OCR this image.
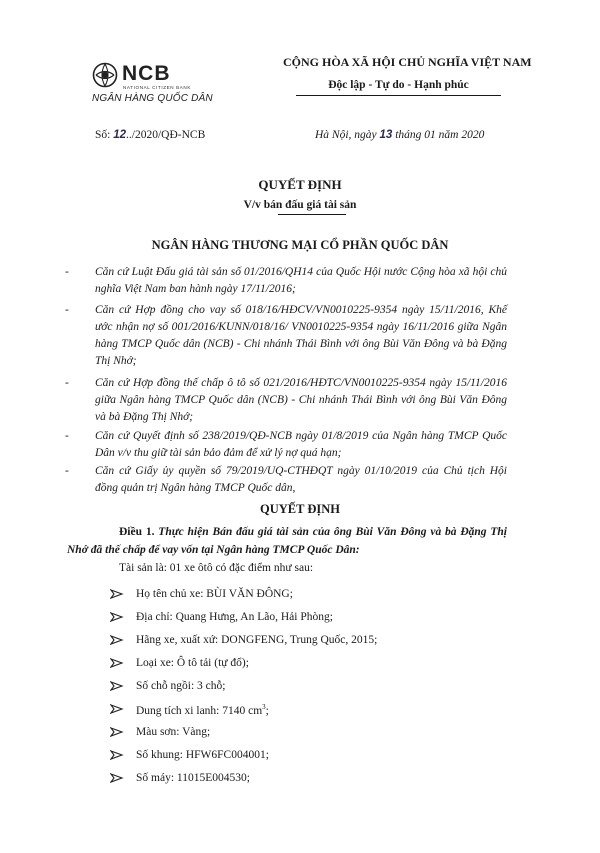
NCB
NATIONAL CITIZEN BANK
NGÂN HÀNG QUỐC DÂN
CỘNG HÒA XÃ HỘI CHỦ NGHĨA VIỆT NAM
Độc lập - Tự do - Hạnh phúc
Số: 12../2020/QĐ-NCB	Hà Nội, ngày 13 tháng 01 năm 2020
QUYẾT ĐỊNH
V/v bán đấu giá tài sản
NGÂN HÀNG THƯƠNG MẠI CỔ PHẦN QUỐC DÂN
- Căn cứ Luật Đấu giá tài sản số 01/2016/QH14 của Quốc Hội nước Cộng hòa xã hội chủ nghĩa Việt Nam ban hành ngày 17/11/2016;
- Căn cứ Hợp đồng cho vay số 018/16/HĐCV/VN0010225-9354 ngày 15/11/2016, Khế ước nhận nợ số 001/2016/KUNN/018/16/ VN0010225-9354 ngày 16/11/2016 giữa Ngân hàng TMCP Quốc dân (NCB) - Chi nhánh Thái Bình với ông Bùi Văn Đông và bà Đặng Thị Nhớ;
- Căn cứ Hợp đồng thế chấp ô tô số 021/2016/HĐTC/VN0010225-9354 ngày 15/11/2016 giữa Ngân hàng TMCP Quốc dân (NCB) - Chi nhánh Thái Bình với ông Bùi Văn Đông và bà Đặng Thị Nhớ;
- Căn cứ Quyết định số 238/2019/QĐ-NCB ngày 01/8/2019 của Ngân hàng TMCP Quốc Dân v/v thu giữ tài sản bảo đảm để xử lý nợ quá hạn;
- Căn cứ Giấy ủy quyền số 79/2019/UQ-CTHĐQT ngày 01/10/2019 của Chủ tịch Hội đồng quản trị Ngân hàng TMCP Quốc dân,
QUYẾT ĐỊNH
Điều 1. Thực hiện Bán đấu giá tài sản của ông Bùi Văn Đông và bà Đặng Thị Nhớ đã thế chấp để vay vốn tại Ngân hàng TMCP Quốc Dân:
Tài sản là: 01 xe ôtô có đặc điểm như sau:
Họ tên chủ xe: BÙI VĂN ĐÔNG;
Địa chỉ: Quang Hưng, An Lão, Hải Phòng;
Hãng xe, xuất xứ: DONGFENG, Trung Quốc, 2015;
Loại xe: Ô tô tải (tự đổ);
Số chỗ ngồi: 3 chỗ;
Dung tích xi lanh: 7140 $cm^3$;
Màu sơn: Vàng;
Số khung: HFW6FC004001;
Số máy: 11015E004530;
